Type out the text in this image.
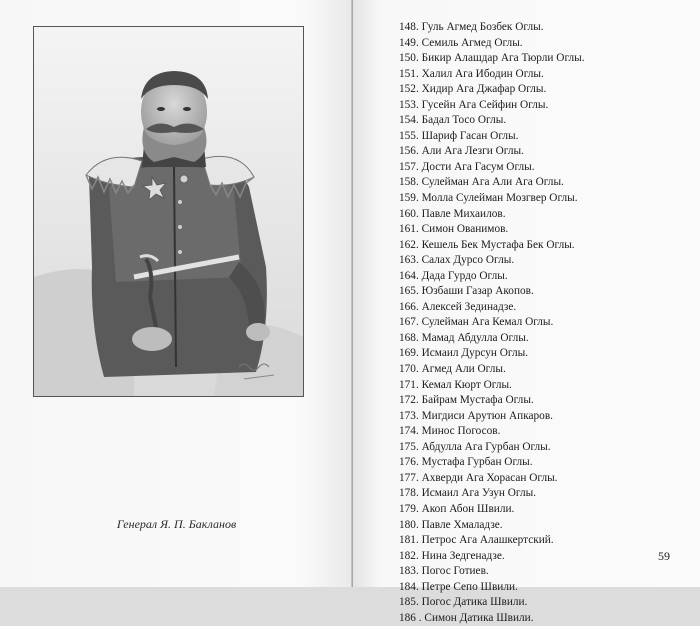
Генерал Я. П. Бакланов
148. Гуль Агмед Бозбек Оглы.
149. Семиль Агмед Оглы.
150. Бикир Алашдар Ага Тюрли Оглы.
151. Халил Ага Ибодин Оглы.
152. Хидир Ага Джафар Оглы.
153. Гусейн Ага Сейфин Оглы.
154. Бадал Тосо Оглы.
155. Шариф Гасан Оглы.
156. Али Ага Лезги Оглы.
157. Дости Ага Гасум Оглы.
158. Сулейман Ага Али Ага Оглы.
159. Молла Сулейман Мозгвер Оглы.
160. Павле Михаилов.
161. Симон Ованимов.
162. Кешель Бек Мустафа Бек Оглы.
163. Салах Дурсо Оглы.
164. Дада Гурдо Оглы.
165. Юзбаши Газар Акопов.
166. Алексей Зединадзе.
167. Сулейман Ага Кемал Оглы.
168. Мамад Абдулла Оглы.
169. Исмаил Дурсун Оглы.
170. Агмед Али Оглы.
171. Кемал Кюрт Оглы.
172. Байрам Мустафа Оглы.
173. Мигдиси Арутюн Апкаров.
174. Минос Погосов.
175. Абдулла Ага Гурбан Оглы.
176. Мустафа Гурбан Оглы.
177. Ахверди Ага Хорасан Оглы.
178. Исмаил Ага Узун Оглы.
179. Акоп Абон Швили.
180. Павле Хмаладзе.
181. Петрос Ага Алашкертский.
182. Нина Зедгенадзе.
183. Погос Готиев.
184. Петре Сепо Швили.
185. Погос Датика Швили.
186 . Симон Датика Швили.
59
